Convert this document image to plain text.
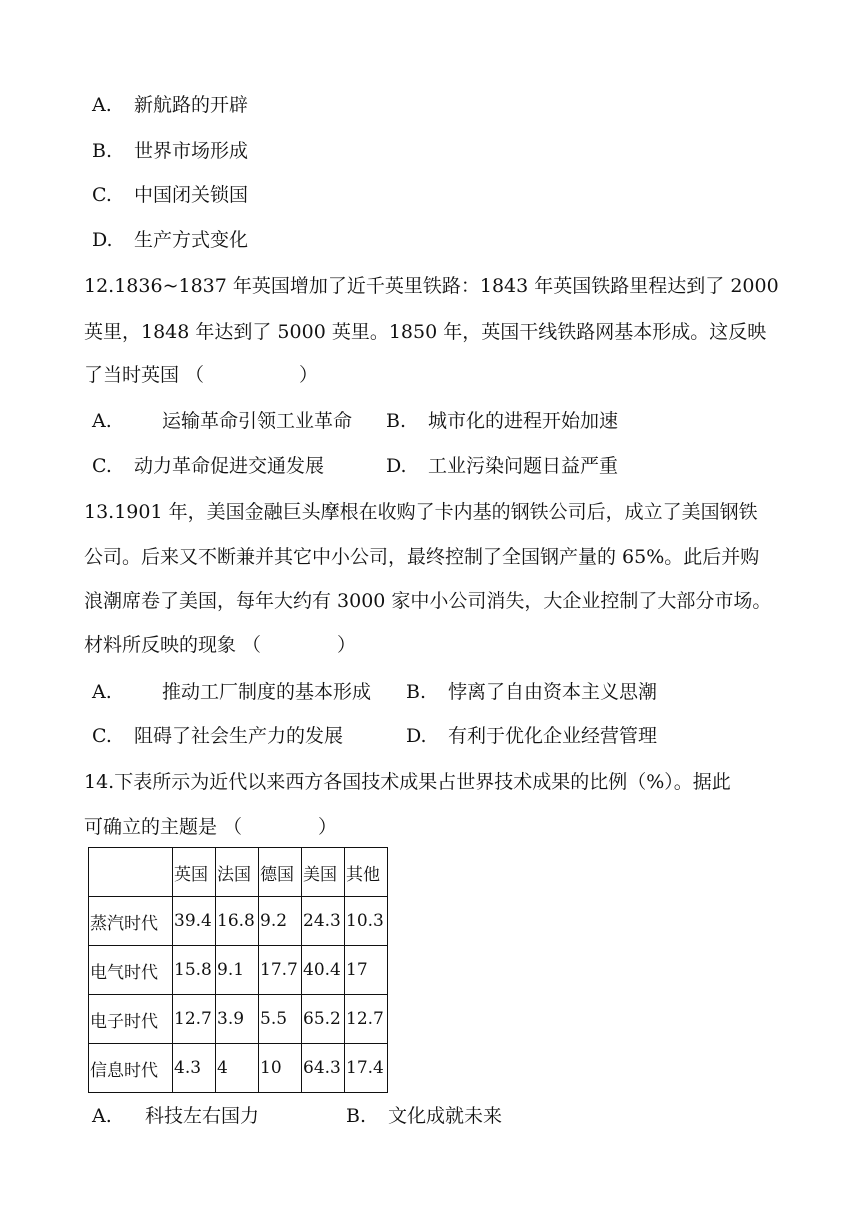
A. 新航路的开辟
B. 世界市场形成
C. 中国闭关锁国
D. 生产方式变化
12.1836~1837 年英国增加了近千英里铁路：1843 年英国铁路里程达到了 2000
英里，1848 年达到了 5000 英里。1850 年，英国干线铁路网基本形成。这反映
了当时英国 （　　　　　）
A.	运输革命引领工业革命 B. 城市化的进程开始加速
C. 动力革命促进交通发展	D. 工业污染问题日益严重
13.1901 年，美国金融巨头摩根在收购了卡内基的钢铁公司后，成立了美国钢铁
公司。后来又不断兼并其它中小公司，最终控制了全国钢产量的 65%。此后并购
浪潮席卷了美国，每年大约有 3000 家中小公司消失，大企业控制了大部分市场。
材料所反映的现象 （　　　　）
A.	推动工厂制度的基本形成 B. 悖离了自由资本主义思潮
C. 阻碍了社会生产力的发展	D. 有利于优化企业经营管理
14.下表所示为近代以来西方各国技术成果占世界技术成果的比例（%）。据此
可确立的主题是 （　　　　）
	英国	法国	德国	美国	其他
蒸汽时代	39.4	16.8	9.2	24.3	10.3
电气时代	15.8	9.1	17.7	40.4	17
电子时代	12.7	3.9	5.5	65.2	12.7
信息时代	4.3	4	10	64.3	17.4
A. 科技左右国力	B. 文化成就未来
